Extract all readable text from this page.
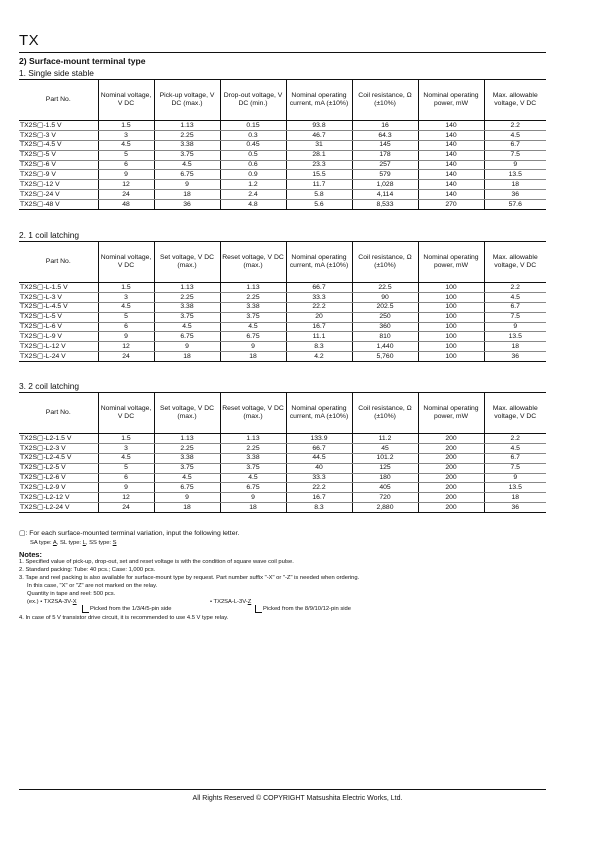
TX
2) Surface-mount terminal type
1. Single side stable
Part No.	Nominal voltage, V DC	Pick-up voltage, V DC (max.)	Drop-out voltage, V DC (min.)	Nominal operating current, mA (±10%)	Coil resistance, Ω (±10%)	Nominal operating power, mW	Max. allowable voltage, V DC
TX2S▢-1.5 V	1.5	1.13	0.15	93.8	16	140	2.2
TX2S▢-3 V	3	2.25	0.3	46.7	64.3	140	4.5
TX2S▢-4.5 V	4.5	3.38	0.45	31	145	140	6.7
TX2S▢-5 V	5	3.75	0.5	28.1	178	140	7.5
TX2S▢-6 V	6	4.5	0.6	23.3	257	140	9
TX2S▢-9 V	9	6.75	0.9	15.5	579	140	13.5
TX2S▢-12 V	12	9	1.2	11.7	1,028	140	18
TX2S▢-24 V	24	18	2.4	5.8	4,114	140	36
TX2S▢-48 V	48	36	4.8	5.6	8,533	270	57.6
2. 1 coil latching
Part No.	Nominal voltage, V DC	Set voltage, V DC (max.)	Reset voltage, V DC (max.)	Nominal operating current, mA (±10%)	Coil resistance, Ω (±10%)	Nominal operating power, mW	Max. allowable voltage, V DC
TX2S▢-L-1.5 V	1.5	1.13	1.13	66.7	22.5	100	2.2
TX2S▢-L-3 V	3	2.25	2.25	33.3	90	100	4.5
TX2S▢-L-4.5 V	4.5	3.38	3.38	22.2	202.5	100	6.7
TX2S▢-L-5 V	5	3.75	3.75	20	250	100	7.5
TX2S▢-L-6 V	6	4.5	4.5	16.7	360	100	9
TX2S▢-L-9 V	9	6.75	6.75	11.1	810	100	13.5
TX2S▢-L-12 V	12	9	9	8.3	1,440	100	18
TX2S▢-L-24 V	24	18	18	4.2	5,760	100	36
3. 2 coil latching
Part No.	Nominal voltage, V DC	Set voltage, V DC (max.)	Reset voltage, V DC (max.)	Nominal operating current, mA (±10%)	Coil resistance, Ω (±10%)	Nominal operating power, mW	Max. allowable voltage, V DC
TX2S▢-L2-1.5 V	1.5	1.13	1.13	133.9	11.2	200	2.2
TX2S▢-L2-3 V	3	2.25	2.25	66.7	45	200	4.5
TX2S▢-L2-4.5 V	4.5	3.38	3.38	44.5	101.2	200	6.7
TX2S▢-L2-5 V	5	3.75	3.75	40	125	200	7.5
TX2S▢-L2-6 V	6	4.5	4.5	33.3	180	200	9
TX2S▢-L2-9 V	9	6.75	6.75	22.2	405	200	13.5
TX2S▢-L2-12 V	12	9	9	16.7	720	200	18
TX2S▢-L2-24 V	24	18	18	8.3	2,880	200	36
▢: For each surface-mounted terminal variation, input the following letter.
SA type: A, SL type: L, SS type: S
Notes:
1. Specified value of pick-up, drop-out, set and reset voltage is with the condition of square wave coil pulse.
2. Standard packing: Tube: 40 pcs.; Case: 1,000 pcs.
3. Tape and reel packing is also available for surface-mount type by request. Part number suffix "-X" or "-Z" is needed when ordering.
In this case, "X" or "Z" are not marked on the relay.
Quantity in tape and reel: 500 pcs.
(ex.) • TX2SA-3V-X	• TX2SA-L-3V-Z
Picked from the 1/3/4/5-pin side	Picked from the 8/9/10/12-pin side
4. In case of 5 V transistor drive circuit, it is recommended to use 4.5 V type relay.
All Rights Reserved © COPYRIGHT Matsushita Electric Works, Ltd.
